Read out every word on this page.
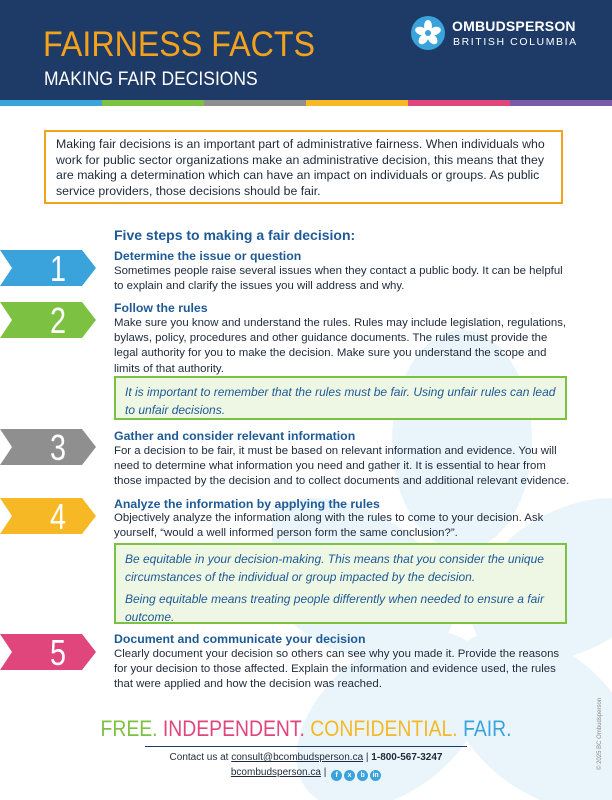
FAIRNESS FACTS
MAKING FAIR DECISIONS
OMBUDSPERSON
BRITISH COLUMBIA
Making fair decisions is an important part of administrative fairness. When individuals who work for public sector organizations make an administrative decision, this means that they are making a determination which can have an impact on individuals or groups. As public service providers, those decisions should be fair.
Five steps to making a fair decision:
1	Determine the issue or question
Sometimes people raise several issues when they contact a public body. It can be helpful to explain and clarify the issues you will address and why.
2	Follow the rules
Make sure you know and understand the rules. Rules may include legislation, regulations, bylaws, policy, procedures and other guidance documents. The rules must provide the legal authority for you to make the decision. Make sure you understand the scope and limits of that authority.

It is important to remember that the rules must be fair. Using unfair rules can lead to unfair decisions.

3	Gather and consider relevant information
For a decision to be fair, it must be based on relevant information and evidence. You will need to determine what information you need and gather it. It is essential to hear from those impacted by the decision and to collect documents and additional relevant evidence.
4	Analyze the information by applying the rules
Objectively analyze the information along with the rules to come to your decision. Ask yourself, “would a well informed person form the same conclusion?”.

Be equitable in your decision-making. This means that you consider the unique circumstances of the individual or group impacted by the decision.

Being equitable means treating people differently when needed to ensure a fair outcome.

5	Document and communicate your decision
Clearly document your decision so others can see why you made it. Provide the reasons for your decision to those affected. Explain the information and evidence used, the rules that were applied and how the decision was reached.
FREE. INDEPENDENT. CONFIDENTIAL. FAIR.
Contact us at consult@bcombudsperson.ca | 1-800-567-3247
bcombudsperson.ca | f x b in
© 2025 BC Ombudsperson
